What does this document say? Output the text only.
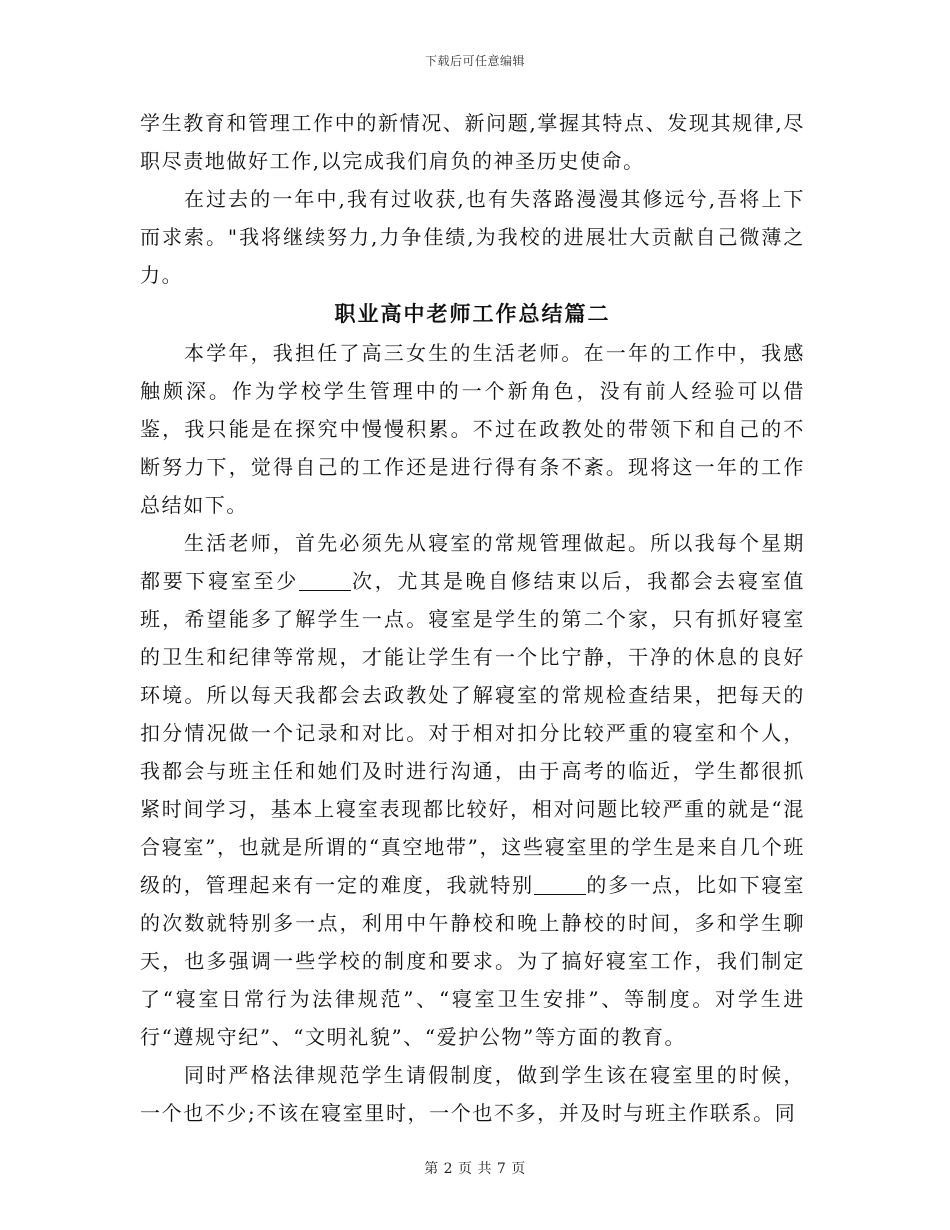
下载后可任意编辑

学生教育和管理工作中的新情况、新问题,掌握其特点、发现其规律,尽职尽责地做好工作,以完成我们肩负的神圣历史使命。

在过去的一年中,我有过收获,也有失落路漫漫其修远兮,吾将上下而求索。"我将继续努力,力争佳绩,为我校的进展壮大贡献自己微薄之力。

职业高中老师工作总结篇二

本学年，我担任了高三女生的生活老师。在一年的工作中，我感触颇深。作为学校学生管理中的一个新角色，没有前人经验可以借鉴，我只能是在探究中慢慢积累。不过在政教处的带领下和自己的不断努力下，觉得自己的工作还是进行得有条不紊。现将这一年的工作总结如下。

生活老师，首先必须先从寝室的常规管理做起。所以我每个星期都要下寝室至少	次，尤其是晚自修结束以后，我都会去寝室值班，希望能多了解学生一点。寝室是学生的第二个家，只有抓好寝室的卫生和纪律等常规，才能让学生有一个比宁静，干净的休息的良好环境。所以每天我都会去政教处了解寝室的常规检查结果，把每天的扣分情况做一个记录和对比。对于相对扣分比较严重的寝室和个人，我都会与班主任和她们及时进行沟通，由于高考的临近，学生都很抓紧时间学习，基本上寝室表现都比较好，相对问题比较严重的就是“混合寝室”，也就是所谓的“真空地带”，这些寝室里的学生是来自几个班级的，管理起来有一定的难度，我就特别	的多一点，比如下寝室的次数就特别多一点，利用中午静校和晚上静校的时间，多和学生聊天，也多强调一些学校的制度和要求。为了搞好寝室工作，我们制定了“寝室日常行为法律规范”、“寝室卫生安排”、等制度。对学生进行“遵规守纪”、“文明礼貌”、“爱护公物”等方面的教育。

同时严格法律规范学生请假制度，做到学生该在寝室里的时候，一个也不少;不该在寝室里时，一个也不多，并及时与班主作联系。同

第 2 页 共 7 页
